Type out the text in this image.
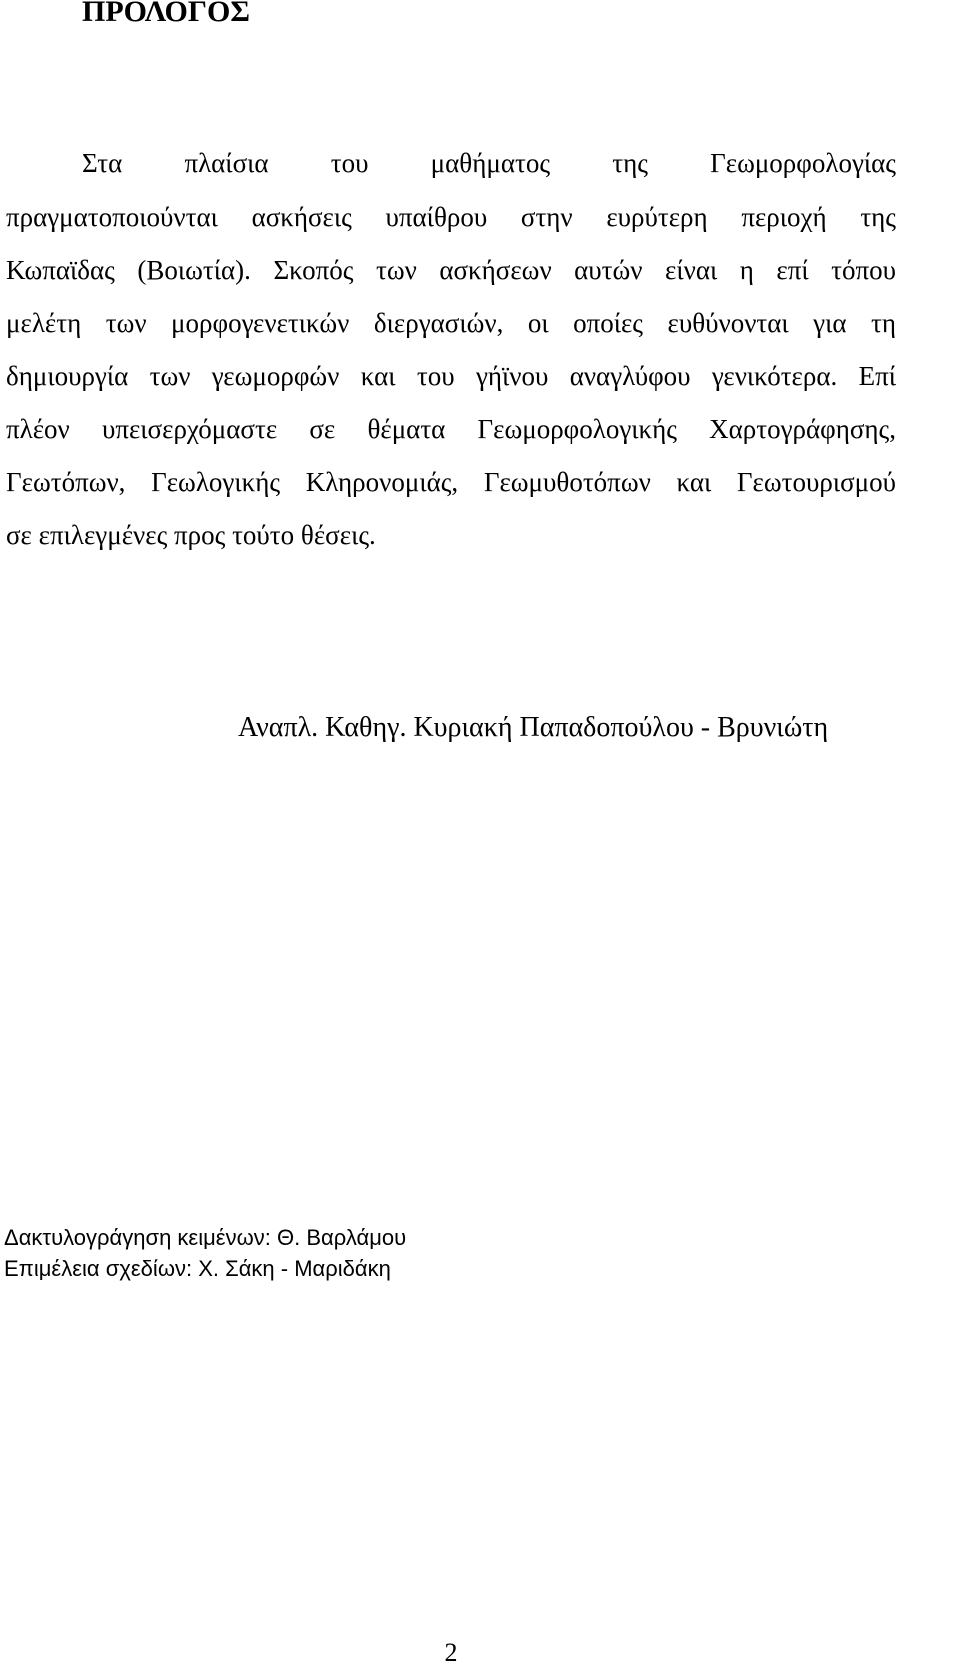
ΠΡΟΛΟΓΟΣ
Στα πλαίσια του μαθήματος της Γεωμορφολογίας
πραγματοποιούνται ασκήσεις υπαίθρου στην ευρύτερη περιοχή της
Κωπαϊδας (Βοιωτία). Σκοπός των ασκήσεων αυτών είναι η επί τόπου
μελέτη των μορφογενετικών διεργασιών, οι οποίες ευθύνονται για τη
δημιουργία των γεωμορφών και του γήϊνου αναγλύφου γενικότερα. Επί
πλέον υπεισερχόμαστε σε θέματα Γεωμορφολογικής Χαρτογράφησης,
Γεωτόπων, Γεωλογικής Κληρονομιάς, Γεωμυθοτόπων και Γεωτουρισμού
σε επιλεγμένες προς τούτο θέσεις.
Αναπλ. Καθηγ. Κυριακή Παπαδοπούλου - Βρυνιώτη
Δακτυλογράγηση κειμένων: Θ. Βαρλάμου
Επιμέλεια σχεδίων: Χ. Σάκη - Μαριδάκη
2
